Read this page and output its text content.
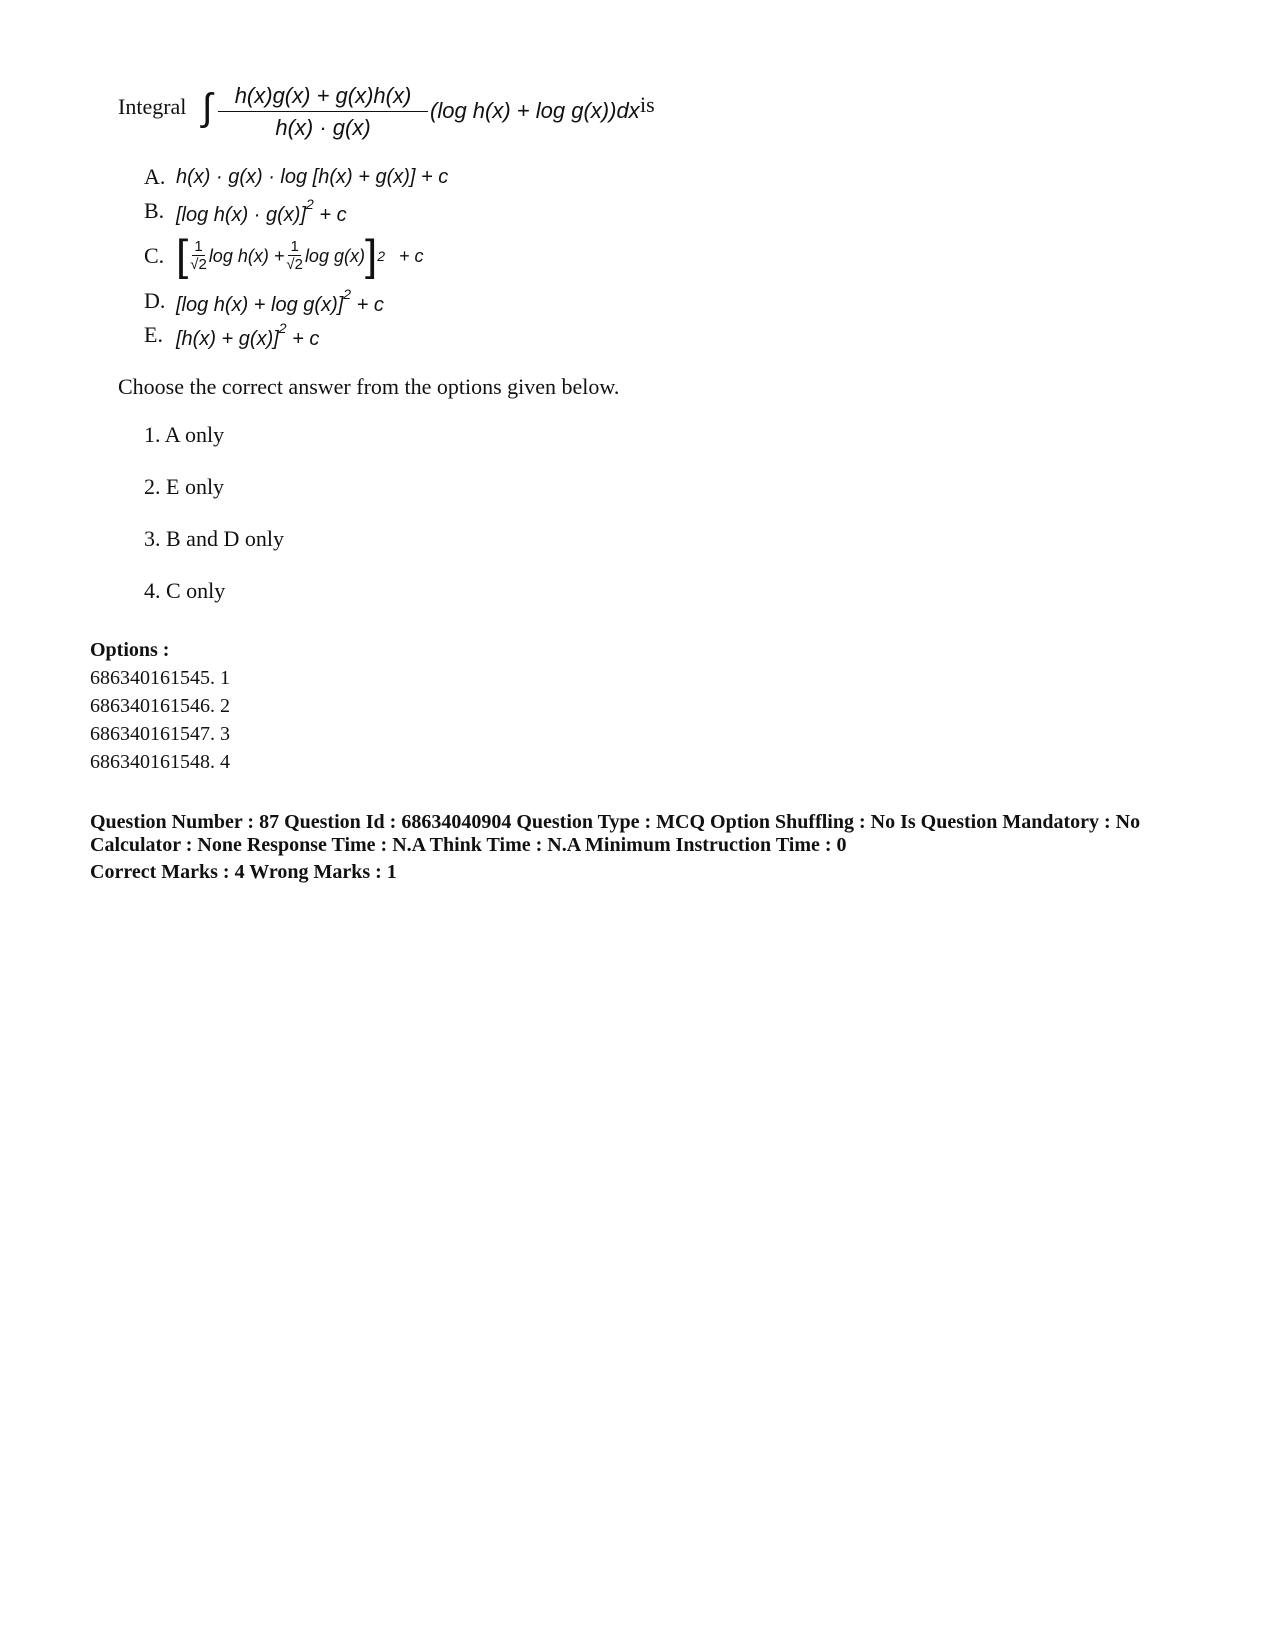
Integral ∫ $\frac{h(x)g(x) + g(x)h(x)}{h(x) \cdot g(x)} (\log$ h(x) + log g(x))dx is
A. h(x) · g(x) · log [h(x) + g(x)] + c
B. [log h(x) · g(x)]$^2$ + c
C. [ 1
√2 $\log h(x) + \frac{1}{√2}$ log g(x) ] 2 + c
D. [log h(x) + log g(x)]$^2$ + c
E. $[h(x) + g(x)]^2 + c$
Choose the correct answer from the options given below.
1. A only
2. E only
3. B and D only
4. C only
Options :
686340161545. 1
686340161546. 2
686340161547. 3
686340161548. 4
Question Number : 87 Question Id : 68634040904 Question Type : MCQ Option Shuffling : No Is Question Mandatory : No Calculator : None Response Time : N.A Think Time : N.A Minimum Instruction Time : 0
Correct Marks : 4 Wrong Marks : 1
